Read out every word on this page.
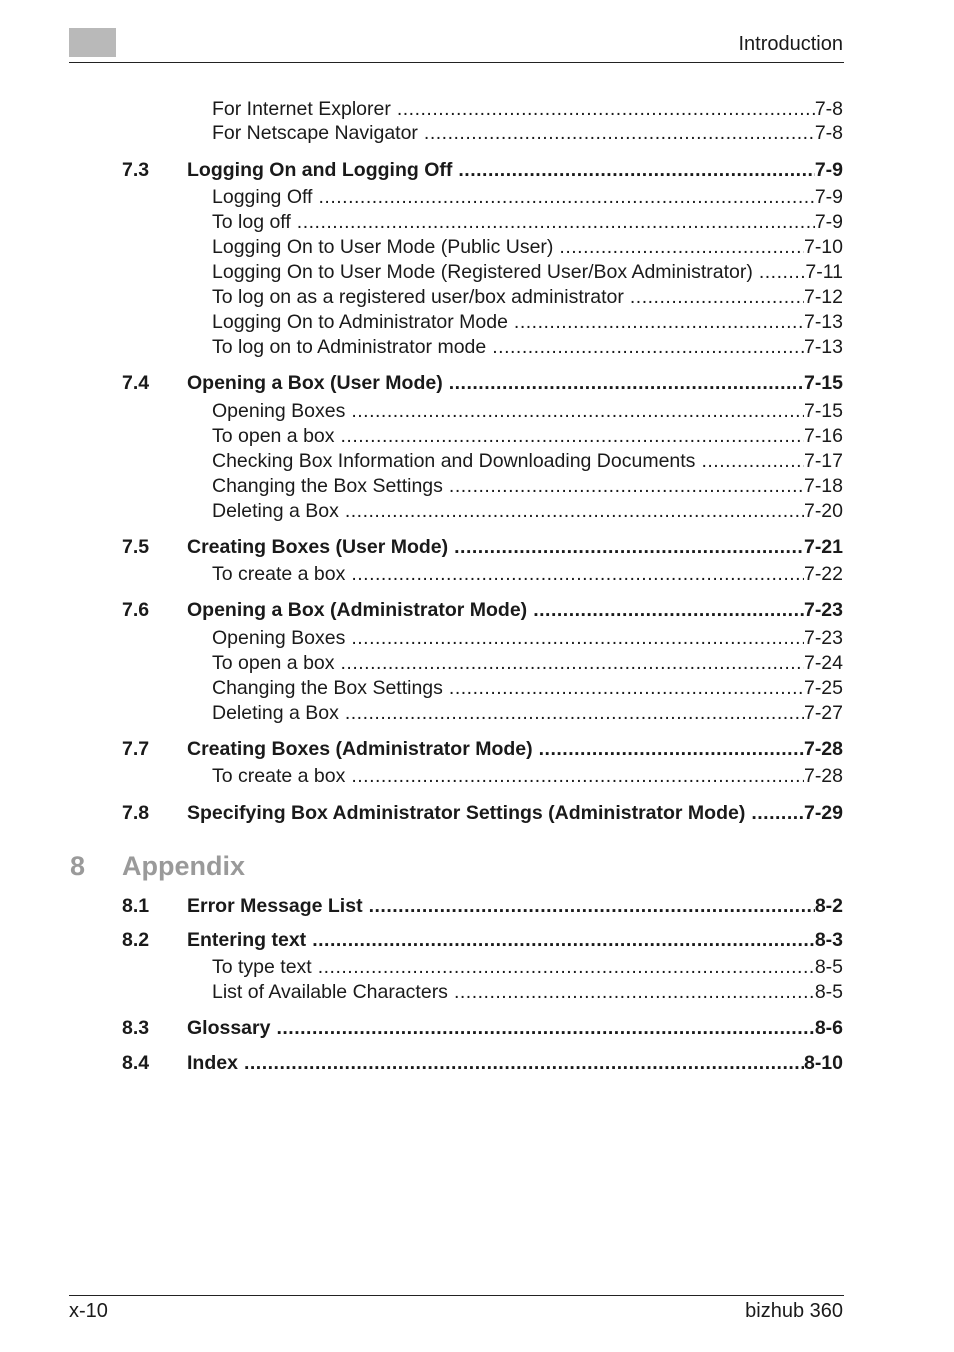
Introduction
8 Appendix
For Internet Explorer .....	7-8
For Netscape Navigator .....	7-8
7.3 Logging On and Logging Off .....	7-9
Logging Off .....	7-9
To log off .....	7-9
Logging On to User Mode (Public User) .....	7-10
Logging On to User Mode (Registered User/Box Administrator) .....	7-11
To log on as a registered user/box administrator .....	7-12
Logging On to Administrator Mode .....	7-13
To log on to Administrator mode .....	7-13
7.4 Opening a Box (User Mode) .....	7-15
Opening Boxes .....	7-15
To open a box .....	7-16
Checking Box Information and Downloading Documents .....	7-17
Changing the Box Settings .....	7-18
Deleting a Box .....	7-20
7.5 Creating Boxes (User Mode) .....	7-21
To create a box .....	7-22
7.6 Opening a Box (Administrator Mode) .....	7-23
Opening Boxes .....	7-23
To open a box .....	7-24
Changing the Box Settings .....	7-25
Deleting a Box .....	7-27
7.7 Creating Boxes (Administrator Mode) .....	7-28
To create a box .....	7-28
7.8 Specifying Box Administrator Settings (Administrator Mode) .....	7-29
8.1 Error Message List .....	8-2
8.2 Entering text .....	8-3
To type text .....	8-5
List of Available Characters .....	8-5
8.3 Glossary .....	8-6
8.4 Index .....	8-10
x-10	bizhub 360
